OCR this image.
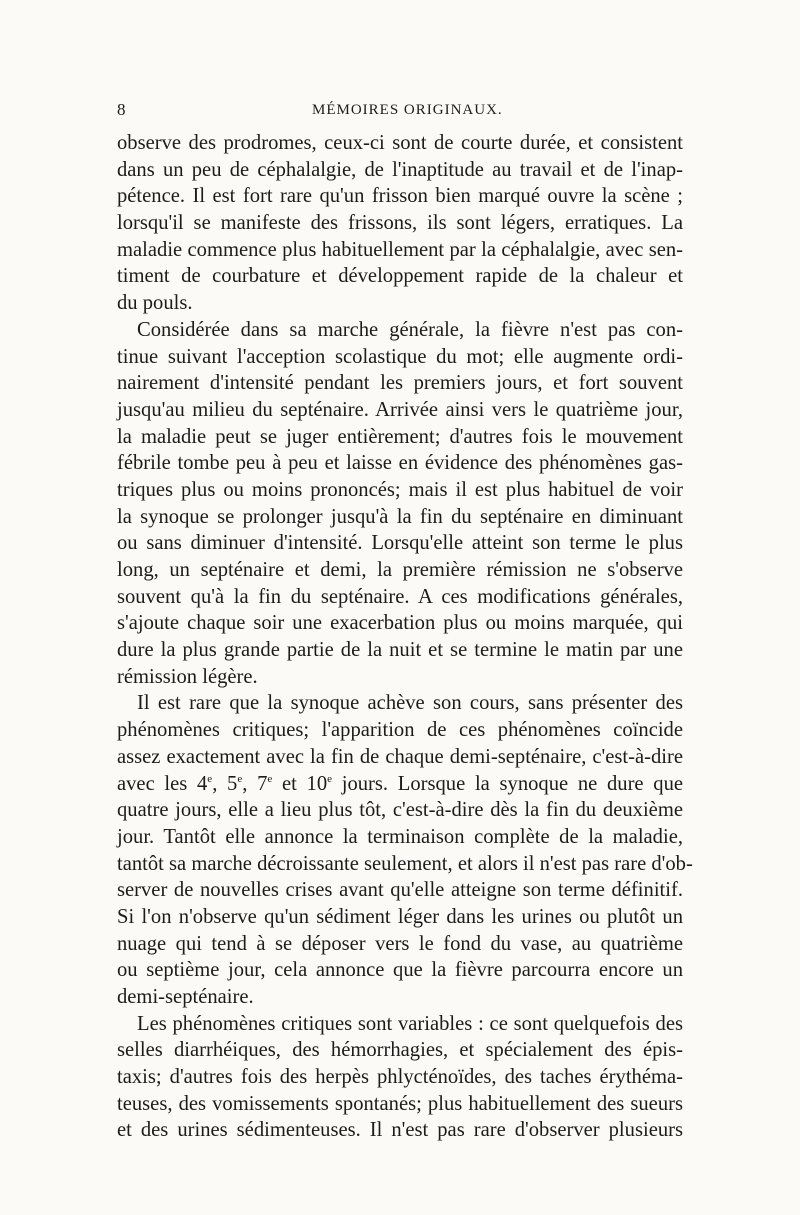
8	MÉMOIRES ORIGINAUX.
observe des prodromes, ceux-ci sont de courte durée, et consistent
dans un peu de céphalalgie, de l'inaptitude au travail et de l'inap-
pétence. Il est fort rare qu'un frisson bien marqué ouvre la scène ;
lorsqu'il se manifeste des frissons, ils sont légers, erratiques. La
maladie commence plus habituellement par la céphalalgie, avec sen-
timent de courbature et développement rapide de la chaleur et
du pouls.
Considérée dans sa marche générale, la fièvre n'est pas con-
tinue suivant l'acception scolastique du mot; elle augmente ordi-
nairement d'intensité pendant les premiers jours, et fort souvent
jusqu'au milieu du septénaire. Arrivée ainsi vers le quatrième jour,
la maladie peut se juger entièrement; d'autres fois le mouvement
fébrile tombe peu à peu et laisse en évidence des phénomènes gas-
triques plus ou moins prononcés; mais il est plus habituel de voir
la synoque se prolonger jusqu'à la fin du septénaire en diminuant
ou sans diminuer d'intensité. Lorsqu'elle atteint son terme le plus
long, un septénaire et demi, la première rémission ne s'observe
souvent qu'à la fin du septénaire. A ces modifications générales,
s'ajoute chaque soir une exacerbation plus ou moins marquée, qui
dure la plus grande partie de la nuit et se termine le matin par une
rémission légère.
Il est rare que la synoque achève son cours, sans présenter des
phénomènes critiques; l'apparition de ces phénomènes coïncide
assez exactement avec la fin de chaque demi-septénaire, c'est-à-dire
avec les 4e, 5e, 7e et 10e jours. Lorsque la synoque ne dure que
quatre jours, elle a lieu plus tôt, c'est-à-dire dès la fin du deuxième
jour. Tantôt elle annonce la terminaison complète de la maladie,
tantôt sa marche décroissante seulement, et alors il n'est pas rare d'ob-
server de nouvelles crises avant qu'elle atteigne son terme définitif.
Si l'on n'observe qu'un sédiment léger dans les urines ou plutôt un
nuage qui tend à se déposer vers le fond du vase, au quatrième
ou septième jour, cela annonce que la fièvre parcourra encore un
demi-septénaire.
Les phénomènes critiques sont variables : ce sont quelquefois des
selles diarrhéiques, des hémorrhagies, et spécialement des épis-
taxis; d'autres fois des herpès phlycténoïdes, des taches érythéma-
teuses, des vomissements spontanés; plus habituellement des sueurs
et des urines sédimenteuses. Il n'est pas rare d'observer plusieurs
